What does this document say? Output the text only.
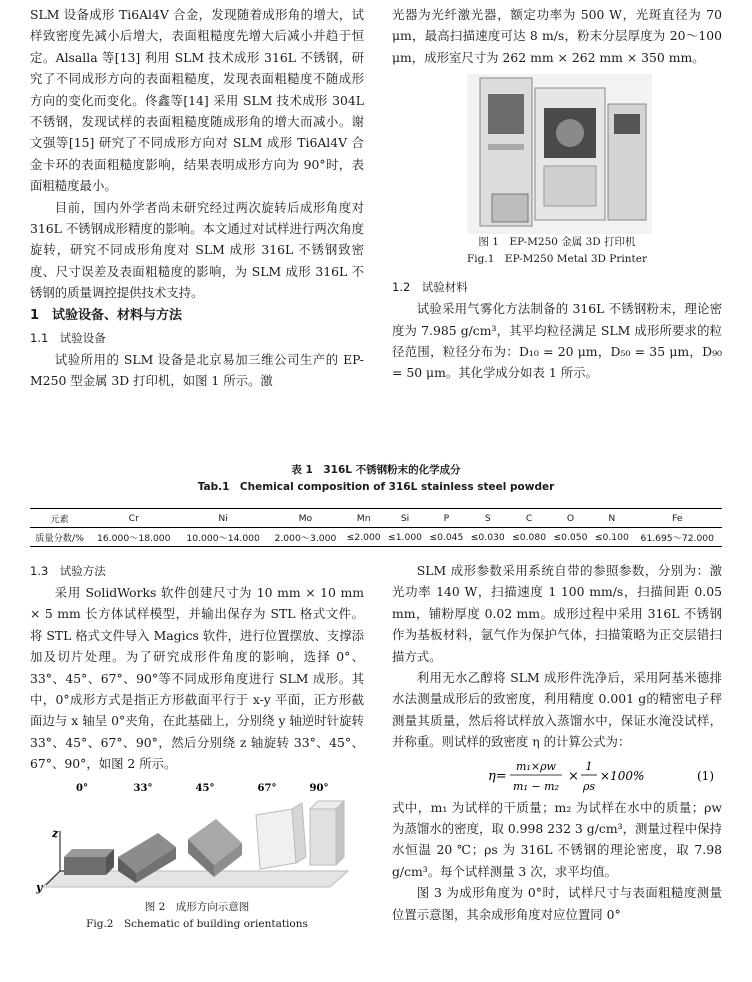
SLM 设备成形 Ti6Al4V 合金，发现随着成形角的增大，试样致密度先减小后增大，表面粗糙度先增大后减小并趋于恒定。Alsalla 等[13] 利用 SLM 技术成形 316L 不锈钢，研究了不同成形方向的表面粗糙度，发现表面粗糙度不随成形方向的变化而变化。佟鑫等[14] 采用 SLM 技术成形 304L 不锈钢，发现试样的表面粗糙度随成形角的增大而减小。谢文强等[15] 研究了不同成形方向对 SLM 成形 Ti6Al4V 合金卡环的表面粗糙度影响，结果表明成形方向为 90°时，表面粗糙度最小。

目前，国内外学者尚未研究经过两次旋转后成形角度对 316L 不锈钢成形精度的影响。本文通过对试样进行两次角度旋转，研究不同成形角度对 SLM 成形 316L 不锈钢致密度、尺寸误差及表面粗糙度的影响，为 SLM 成形 316L 不锈钢的质量调控提供技术支持。

1　试验设备、材料与方法

1.1　试验设备

试验所用的 SLM 设备是北京易加三维公司生产的 EP-M250 型金属 3D 打印机，如图 1 所示。激

光器为光纤激光器，额定功率为 500 W，光斑直径为 70 μm，最高扫描速度可达 8 m/s，粉末分层厚度为 20～100 μm，成形室尺寸为 262 mm × 262 mm × 350 mm。

图 1　EP-M250 金属 3D 打印机

Fig.1　EP-M250 Metal 3D Printer

1.2　试验材料

试验采用气雾化方法制备的 316L 不锈钢粉末，理论密度为 7.985 g/cm³，其平均粒径满足 SLM 成形所要求的粒径范围，粒径分布为：D₁₀ = 20 μm，D₅₀ = 35 μm，D₉₀ = 50 μm。其化学成分如表 1 所示。

表 1　316L 不锈钢粉末的化学成分
Tab.1　Chemical composition of 316L stainless steel powder
元素	Cr	Ni	Mo	Mn	Si	P	S	C	O	N	Fe
质量分数/%	16.000～18.000	10.000～14.000	2.000～3.000	≤2.000	≤1.000	≤0.045	≤0.030	≤0.080	≤0.050	≤0.100	61.695～72.000

1.3　试验方法

采用 SolidWorks 软件创建尺寸为 10 mm × 10 mm × 5 mm 长方体试样模型，并输出保存为 STL 格式文件。将 STL 格式文件导入 Magics 软件，进行位置摆放、支撑添加及切片处理。为了研究成形件角度的影响，选择 0°、33°、45°、67°、90°等不同成形角度进行 SLM 成形。其中，0°成形方式是指正方形截面平行于 x-y 平面，正方形截面边与 x 轴呈 0°夹角，在此基础上，分别绕 y 轴逆时针旋转 33°、45°、67°、90°，然后分别绕 z 轴旋转 33°、45°、67°、90°，如图 2 所示。

0°	33°	45°	67°	90°
z
y

图 2　成形方向示意图

Fig.2　Schematic of building orientations

SLM 成形参数采用系统自带的参照参数，分别为：激光功率 140 W，扫描速度 1 100 mm/s，扫描间距 0.05 mm，铺粉厚度 0.02 mm。成形过程中采用 316L 不锈钢作为基板材料，氩气作为保护气体，扫描策略为正交层错扫描方式。

利用无水乙醇将 SLM 成形件洗净后，采用阿基米德排水法测量成形后的致密度，利用精度 0.001 g的精密电子秤测量其质量，然后将试样放入蒸馏水中，保证水淹没试样，并称重。则试样的致密度 η 的计算公式为：

η=
m₁×ρw
m₁ − m₂
×
1
ρs
×100%	(1)

式中，m₁ 为试样的干质量；m₂ 为试样在水中的质量；ρw 为蒸馏水的密度，取 0.998 232 3 g/cm³，测量过程中保持水恒温 20 ℃；ρs 为 316L 不锈钢的理论密度，取 7.98 g/cm³。每个试样测量 3 次，求平均值。

图 3 为成形角度为 0°时，试样尺寸与表面粗糙度测量位置示意图，其余成形角度对应位置同 0°
